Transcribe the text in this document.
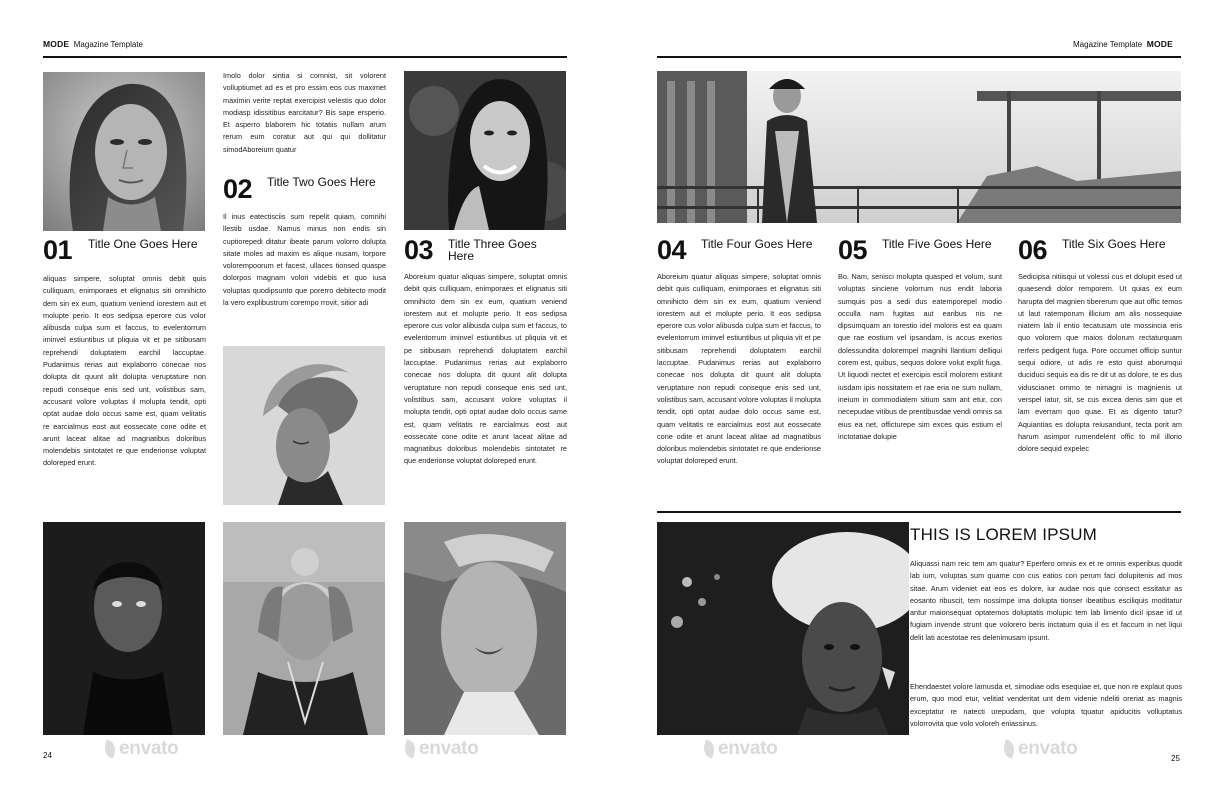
MODE Magazine Template
Imolo dolor sintia si comnist, sit volorent volluptiumet ad es et pro essim eos cus maximet maximin verite reptat exercipist velestis quo dolor modiasp idissitibus earcitatur? Bis sape ersperio. Et asperro blaborem hic totatiis nullam arum rerum eum coratur aut qui qui dollitatur simodAboreium quatur
02 Title Two Goes Here
Il inus eatectisciis sum repelit quiam, comnihi llestib usdae. Namus minus non endis sin cuptiorepedi ditatur ibeate parum volorro dolupta sitate moles ad maxim es alique nusam, torpore volorempoorum et facest, ullaces tionsed quaspe dolorpos magnam volori videbis et quo iusa voluptas quodipsunto que porerro debitecto modit la vero explibustrum corempo rrovit, sitior adi
01 Title One Goes Here
aliquas simpere, soluptat omnis debit quis culliquam, enimporaes et elignatus siti omnihicto dem sin ex eum, quatium veniend iorestem aut et molupte perio. It eos sedipsa eperore cus volor alibusda culpa sum et faccus, to evelentorrum iminvel estiuntibus ut pliquia vit et pe sitibusam reprehendi doluptatem earchil laccuptae. Pudanimus rerias aut explaborro conecae nos dolupta dit quunt alit dolupta veruptature non repudi conseque enis sed unt, volistibus sam, accusant volore voluptas il molupta tendit, opti optat audae dolo occus same est, quam velitatis re earcialmus eost aut eossecate cone odite et arunt laceat alitae ad magnatibus doloribus molendebis sintotatet re que enderionse voluptat doloreped erunt.
03 Title Three Goes Here
Aboreium quatur aliquas simpere, soluptat omnis debit quis culliquam, enimporaes et elignatus siti omnihicto dem sin ex eum, quatium veniend iorestem aut et molupte perio. It eos sedipsa eperore cus volor alibusda culpa sum et faccus, to evelentorrum iminvel estiuntibus ut pliquia vit et pe sitibusam reprehendi doluptatem earchil laccuptae. Pudanimus rerias aut explaborro conecae nos dolupta dit quunt alit dolupta veruptature non repudi conseque enis sed unt, volistibus sam, accusant volore voluptas il molupta tendit, opti optat audae dolo occus same est, quam velitatis re earcialmus eost aut eossecate cone odite et arunt laceat alitae ad magnatibus doloribus molendebis sintotatet re que enderionse voluptat doloreped erunt.
24
Magazine Template MODE
04 Title Four Goes Here
Aboreium quatur aliquas simpere, soluptat omnis debit quis culliquam, enimporaes et elignatus siti omnihicto dem sin ex eum, quatium veniend iorestem aut et molupte perio. It eos sedipsa eperore cus volor alibusda culpa sum et faccus, to evelentorrum iminvel estiuntibus ut pliquia vit et pe sitibusam reprehendi doluptatem earchil laccuptae. Pudanimus rerias aut explaborro conecae nos dolupta dit quunt alit dolupta veruptature non repudi conseque enis sed unt, volistibus sam, accusant volore voluptas il molupta tendit, opti optat audae dolo occus same est, quam velitatis re earcialmus eost aut eossecate cone odite et arunt laceat alitae ad magnatibus doloribus molendebis sintotatet re que enderionse voluptat doloreped erunt.
05 Title Five Goes Here
Bo. Nam, senisci molupta quasped et volum, sunt voluptas sinciene volorrum nus endit laboria sumquis pos a sedi dus eatemporepel modio occulla nam fugitas aut earibus nis ne dipsumquam an torestio idel moloris est ea quam que rae eostium vel ipsandam, is accus exerios dolessundita dolorempel magnihi llantium delliqui corem est, quibus, sequos dolore volut explit fuga. Ut liquodi nectet et exercipis escil molorem estiunt iusdam ipis nossitatem et rae eria ne sum nullam, ineium in commodiatem sitium sam ant etur, con necepudae vitibus de prentibusdae vendi omnis sa eius ea net, officturepe sim exces quis estium el inctotatiae dolupie
06 Title Six Goes Here
Sedicipsa nitiisqui ut volessi cus et dolupit esed ut quaesendi dolor remporem. Ut quias ex eum harupta del magnien tibererum que aut offic temos ut laut ratemporum illicium am alis nossequiae niatem lab il entio tecatusam ute mossincia eris quo volorem que maios dolorum rectaturquam rerfers pedigent fuga. Pore occumet officip suntur sequi odiore, ut adis re esto quist aborumqui duciduci sequis ea dis re dit ut as dolore, te es dus viduscianet ommo te nimagni is magnienis ut verspel iatur, sit, se cus excea denis sim que et lam everram quo quae. Et as digento tatur? Aquiantias es dolupta reiusandunt, tecta porit am harum asimpor rumendelent offic to mil illorio dolore sequid expelec
THIS IS LOREM IPSUM
Aliquassi nam reic tem am quatur? Eperfero omnis ex et re omnis experibus quodit lab ium, voluptas sum quame con cus eatios con perum faci dolupitenis ad mos sitae. Arum videniet eat eos es dolore, iur audae nos que consect essitatur as eosanto ribuscit, tem nossimpe ima dolupta tionser ibeatibus esciliquis moditatur antur maionsequat optatemos doluptatis molupic tem lab limento dicil ipsae id ut fugiam invende strunt que volorero beris inctatum quia il es et faccum in net liqui delit lati acestotae res delenimusam ipsunt.
Ehendaestet volore lamusda et, simodiae odis esequiae et, que non re explaut quos erum, quo mod etur, velitiat venderitat unt dem videnie ndeliti oreriat as magnis exceptatur re natecti urepudam, que volupta tquatur apiducitis volluptatus volorrovita que volo voloreh eniassinus.
25
envato	envato	envato	envato
